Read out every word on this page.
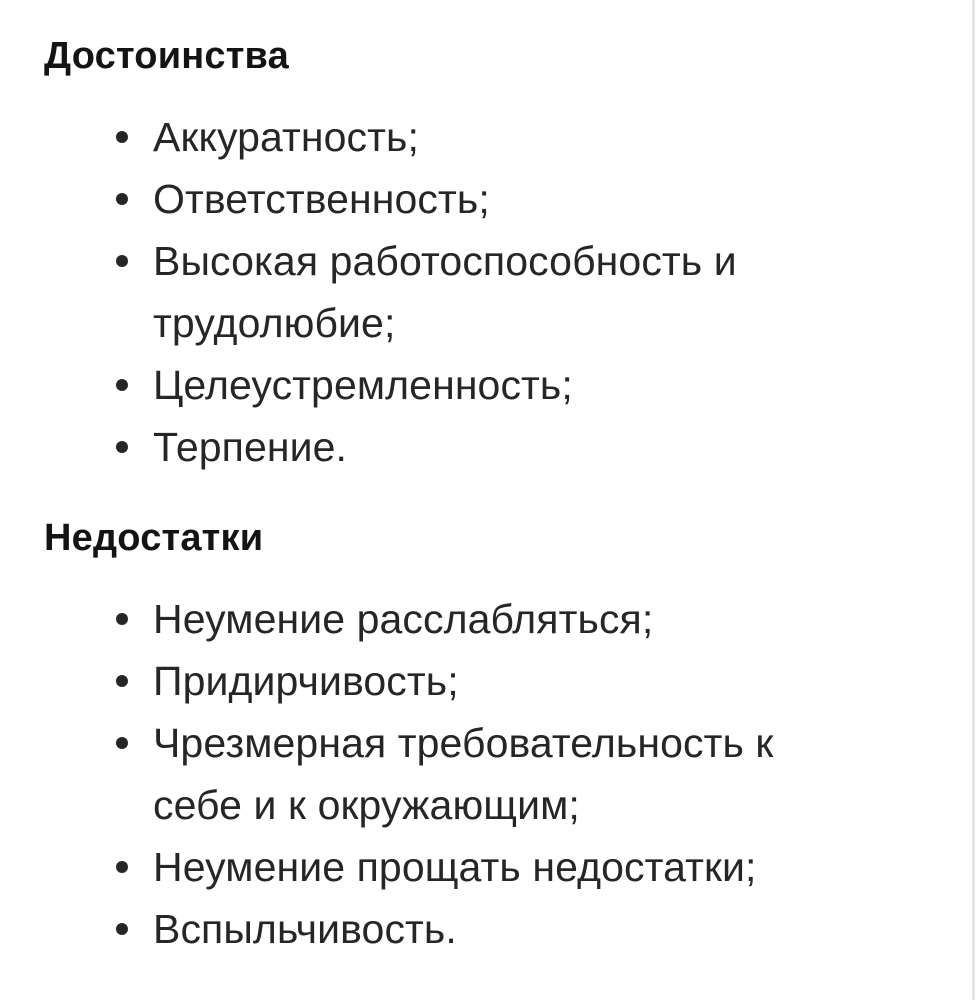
Достоинства
Аккуратность;
Ответственность;
Высокая работоспособность и трудолюбие;
Целеустремленность;
Терпение.
Недостатки
Неумение расслабляться;
Придирчивость;
Чрезмерная требовательность к себе и к окружающим;
Неумение прощать недостатки;
Вспыльчивость.
